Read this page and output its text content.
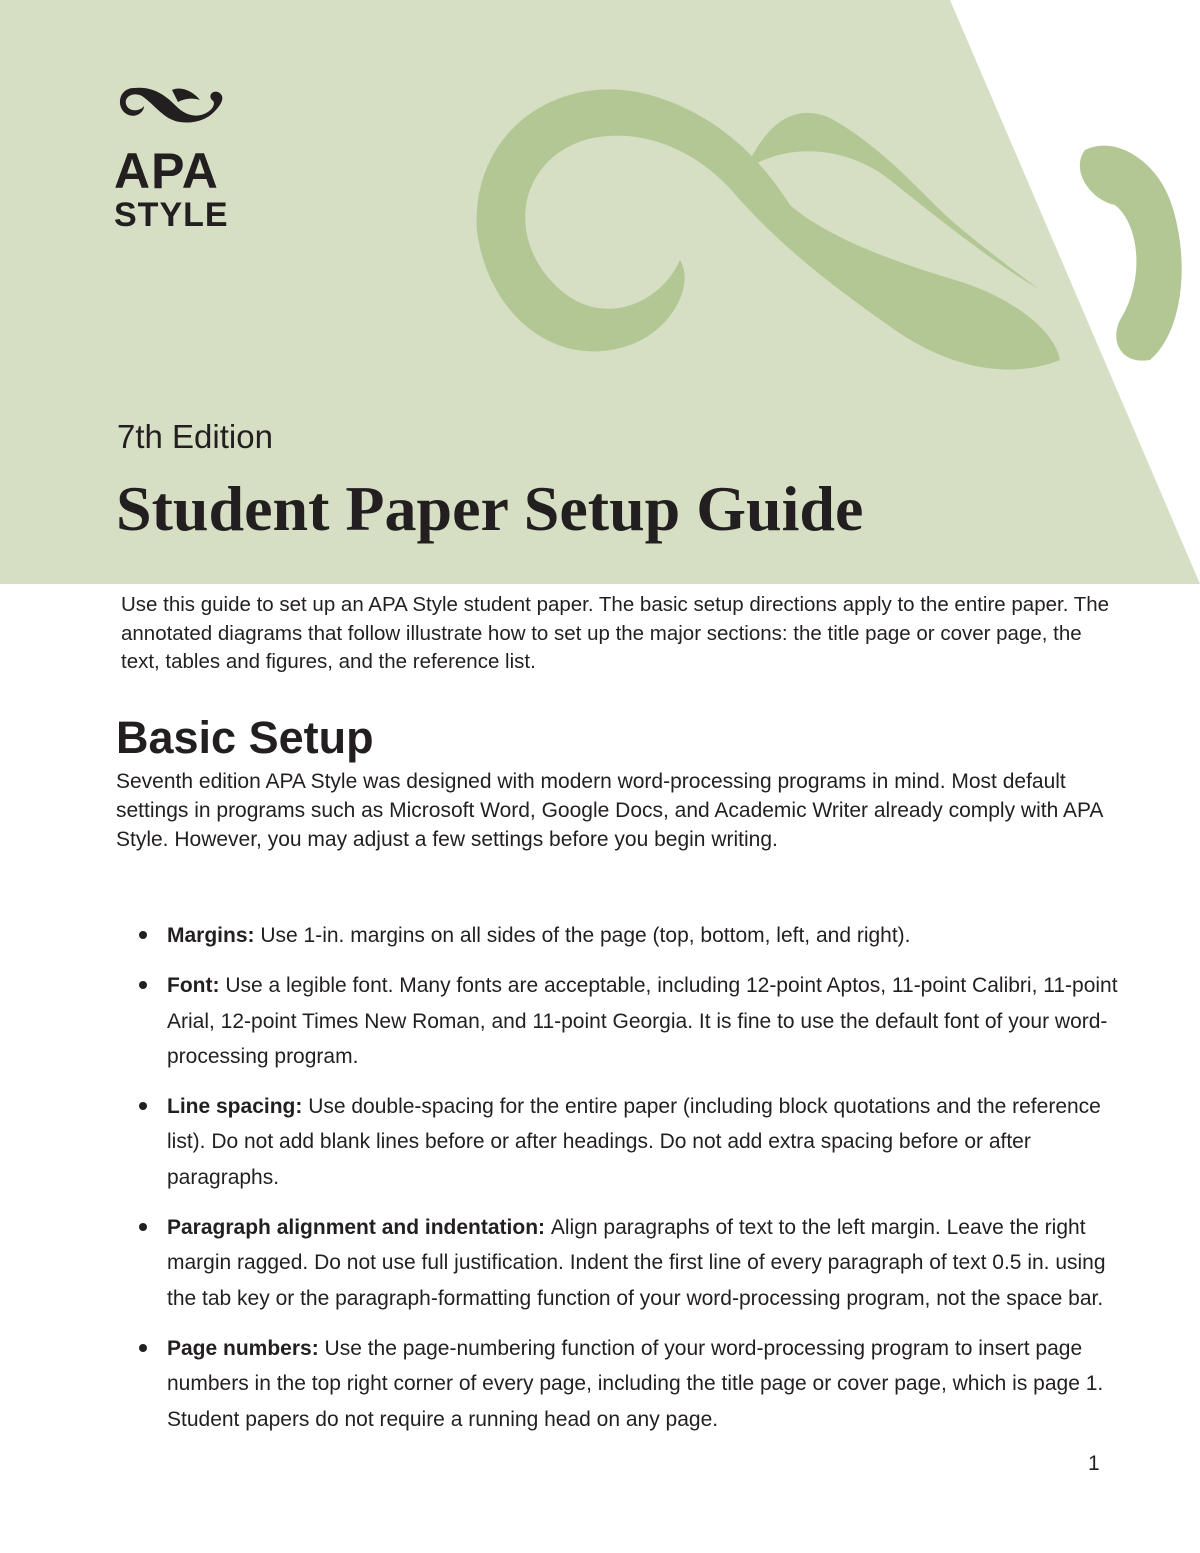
APA
STYLE
7th Edition
Student Paper Setup Guide

Use this guide to set up an APA Style student paper. The basic setup directions apply to the entire paper. The annotated diagrams that follow illustrate how to set up the major sections: the title page or cover page, the text, tables and figures, and the reference list.

Basic Setup

Seventh edition APA Style was designed with modern word-processing programs in mind. Most default settings in programs such as Microsoft Word, Google Docs, and Academic Writer already comply with APA Style. However, you may adjust a few settings before you begin writing.

Margins: Use 1-in. margins on all sides of the page (top, bottom, left, and right).
Font: Use a legible font. Many fonts are acceptable, including 12-point Aptos, 11-point Calibri, 11-point Arial, 12-point Times New Roman, and 11-point Georgia. It is fine to use the default font of your word-processing program.
Line spacing: Use double-spacing for the entire paper (including block quotations and the reference list). Do not add blank lines before or after headings. Do not add extra spacing before or after paragraphs.
Paragraph alignment and indentation: Align paragraphs of text to the left margin. Leave the right margin ragged. Do not use full justification. Indent the first line of every paragraph of text 0.5 in. using the tab key or the paragraph-formatting function of your word-processing program, not the space bar.
Page numbers: Use the page-numbering function of your word-processing program to insert page numbers in the top right corner of every page, including the title page or cover page, which is page 1. Student papers do not require a running head on any page.
1
